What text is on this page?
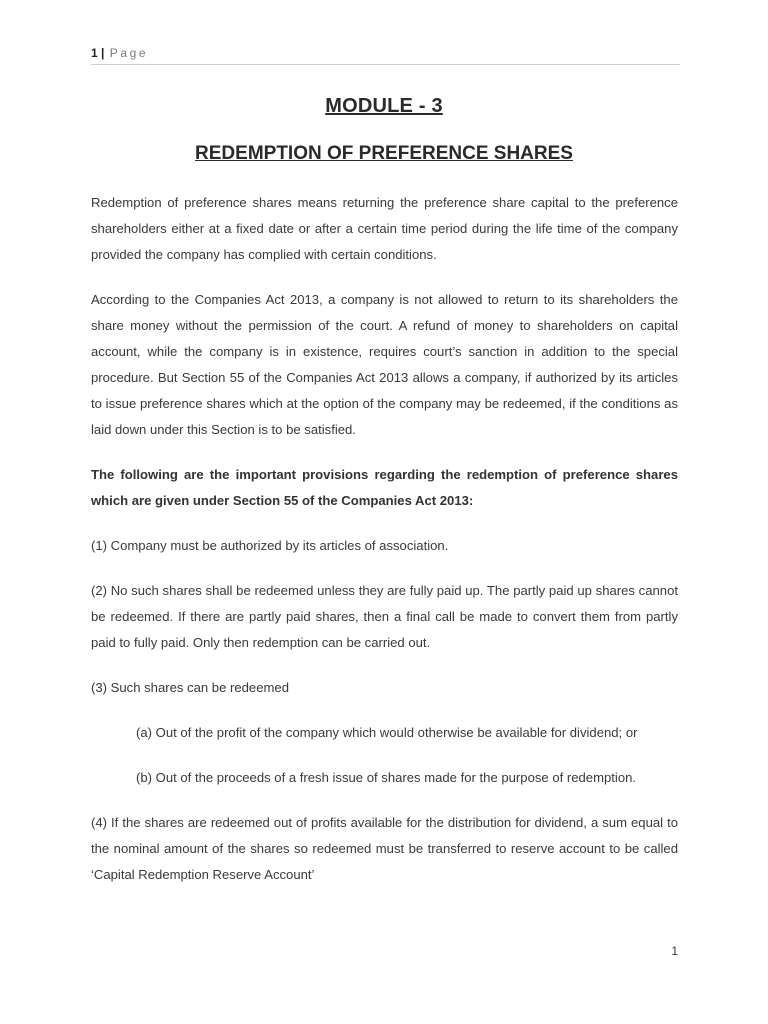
1 | Page
MODULE - 3
REDEMPTION OF PREFERENCE SHARES

Redemption of preference shares means returning the preference share capital to the preference shareholders either at a fixed date or after a certain time period during the life time of the company provided the company has complied with certain conditions.

According to the Companies Act 2013, a company is not allowed to return to its shareholders the share money without the permission of the court. A refund of money to shareholders on capital account, while the company is in existence, requires court’s sanction in addition to the special procedure. But Section 55 of the Companies Act 2013 allows a company, if authorized by its articles to issue preference shares which at the option of the company may be redeemed, if the conditions as laid down under this Section is to be satisfied.

The following are the important provisions regarding the redemption of preference shares which are given under Section 55 of the Companies Act 2013:

(1) Company must be authorized by its articles of association.

(2) No such shares shall be redeemed unless they are fully paid up. The partly paid up shares cannot be redeemed. If there are partly paid shares, then a final call be made to convert them from partly paid to fully paid. Only then redemption can be carried out.

(3) Such shares can be redeemed

(a) Out of the profit of the company which would otherwise be available for dividend; or

(b) Out of the proceeds of a fresh issue of shares made for the purpose of redemption.

(4) If the shares are redeemed out of profits available for the distribution for dividend, a sum equal to the nominal amount of the shares so redeemed must be transferred to reserve account to be called ‘Capital Redemption Reserve Account’

1
